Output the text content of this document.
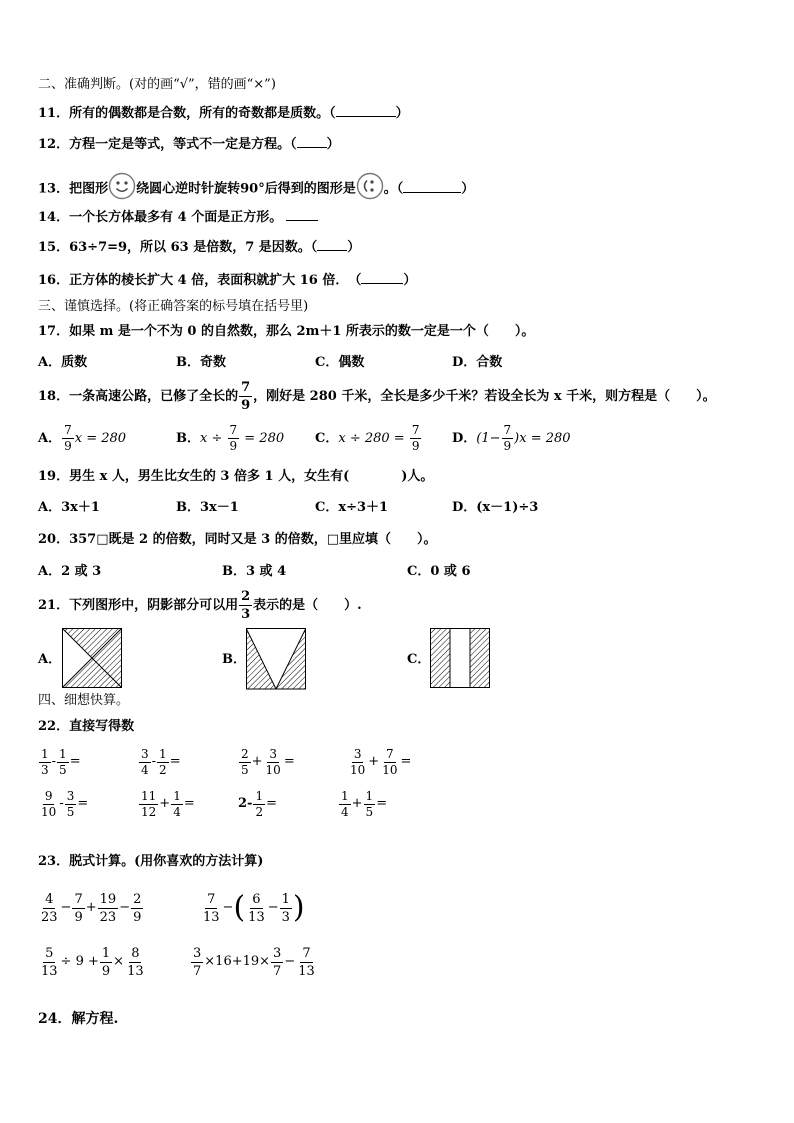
二、准确判断。(对的画“√”，错的画“×”)
11．所有的偶数都是合数，所有的奇数都是质数。（	）
12．方程一定是等式，等式不一定是方程。（ ）
13．把图形 绕圆心逆时针旋转90°后得到的图形是 。（	）
14．一个长方体最多有 4 个面是正方形。
15．63÷7=9，所以 63 是倍数，7 是因数。（ ）
16．正方体的棱长扩大 4 倍，表面积就扩大 16 倍．　（	）
三、谨慎选择。(将正确答案的标号填在括号里)
17．如果 m 是一个不为 0 的自然数，那么 2m＋1 所表示的数一定是一个（　　）。
A．质数	B．奇数	C．偶数	D．合数
18．一条高速公路，已修了全长的 $\frac{7}{9}$ ，刚好是 280 千米，全长是多少千米？若设全长为 x 千米，则方程是（　　）。
A． $\frac{7}{9}$ x = 280	B．$x \div \frac{7}{9} = 280$ C．$x \div 280 = \frac{7}{9}$ D．$(1- \frac{7}{9} )x = 280$
19．男生 x 人，男生比女生的 3 倍多 1 人，女生有(　　　　)人。
A．3x＋1	B．3x－1	C．x÷3＋1	D．(x－1)÷3
20．357□既是 2 的倍数，同时又是 3 的倍数，□里应填（　　）。
A．2 或 3	B．3 或 4	C．0 或 6
21．下列图形中，阴影部分可以用 $\frac{2}{3}$ 表示的是（　　）.
A．	B．	C．
四、细想快算。
22．直接写得数
$\frac{1}{3} - \frac{1}{5}$ =	$\frac{3}{4} - \frac{1}{2}$ =	$\frac{2}{5} + \frac{3}{10}$ =	$\frac{3}{10} + \frac{7}{10}$ =
$\frac{9}{10} - \frac{3}{5}$ =	$\frac{11}{12} + \frac{1}{4}$ =	$2- \frac{1}{2}$ =	$\frac{1}{4} + \frac{1}{5}$ =
23．脱式计算。(用你喜欢的方法计算)
$\frac{4}{23} - \frac{7}{9} + \frac{19}{23} - \frac{2}{9}$	$\frac{7}{13}$ −( $\frac{6}{13} - \frac{1}{3}$ )
$\frac{5}{13} \div 9 + \frac{1}{9} \times \frac{8}{13}$	$\frac{3}{7} \times 16+19\times \frac{3}{7} - \frac{7}{13}$
24．解方程.
